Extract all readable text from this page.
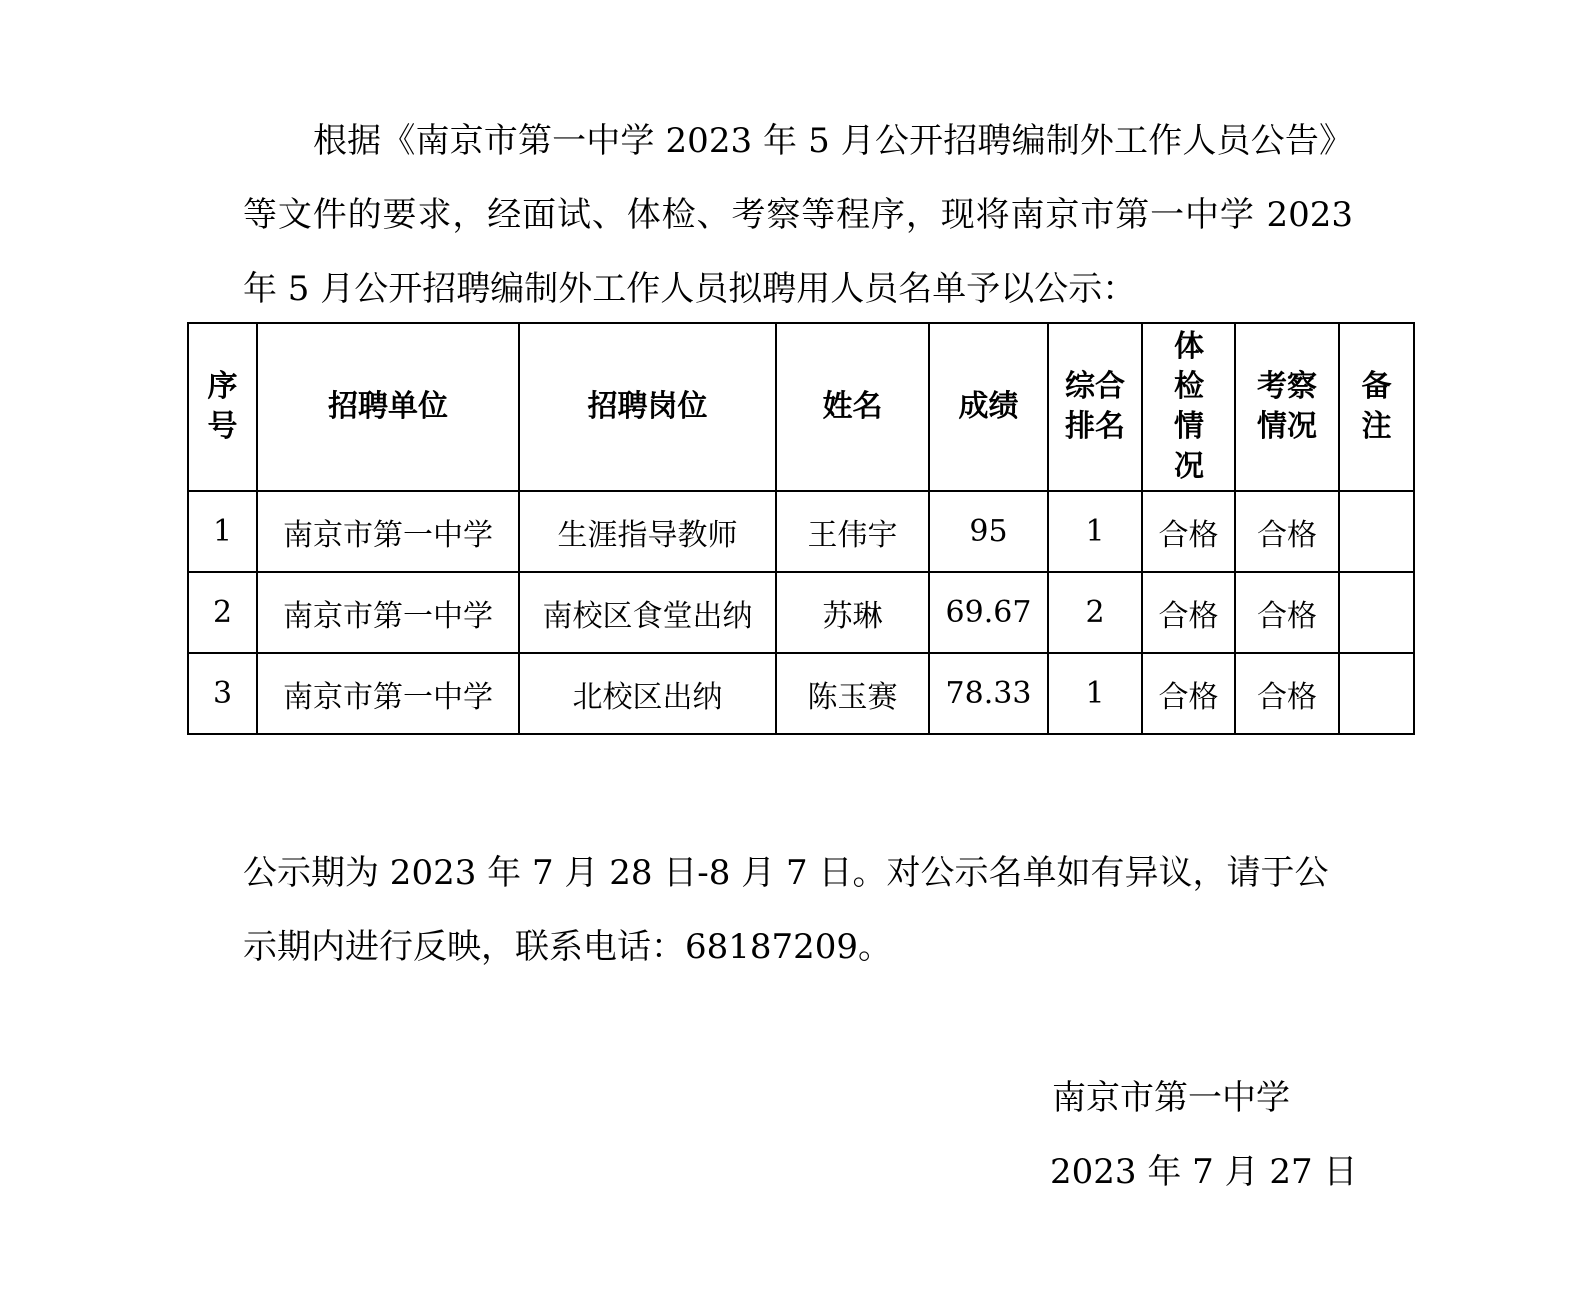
根据《南京市第一中学 2023 年 5 月公开招聘编制外工作人员公告》等文件的要求，经面试、体检、考察等程序，现将南京市第一中学 2023 年 5 月公开招聘编制外工作人员拟聘用人员名单予以公示：

序号	招聘单位	招聘岗位	姓名	成绩	综合排名	体检情况	考察情况	备注
1	南京市第一中学	生涯指导教师	王伟宇	95	1	合格	合格	
2	南京市第一中学	南校区食堂出纳	苏琳	69.67	2	合格	合格	
3	南京市第一中学	北校区出纳	陈玉赛	78.33	1	合格	合格	

公示期为 2023 年 7 月 28 日-8 月 7 日。对公示名单如有异议，请于公示期内进行反映，联系电话：68187209。

南京市第一中学
2023 年 7 月 27 日
